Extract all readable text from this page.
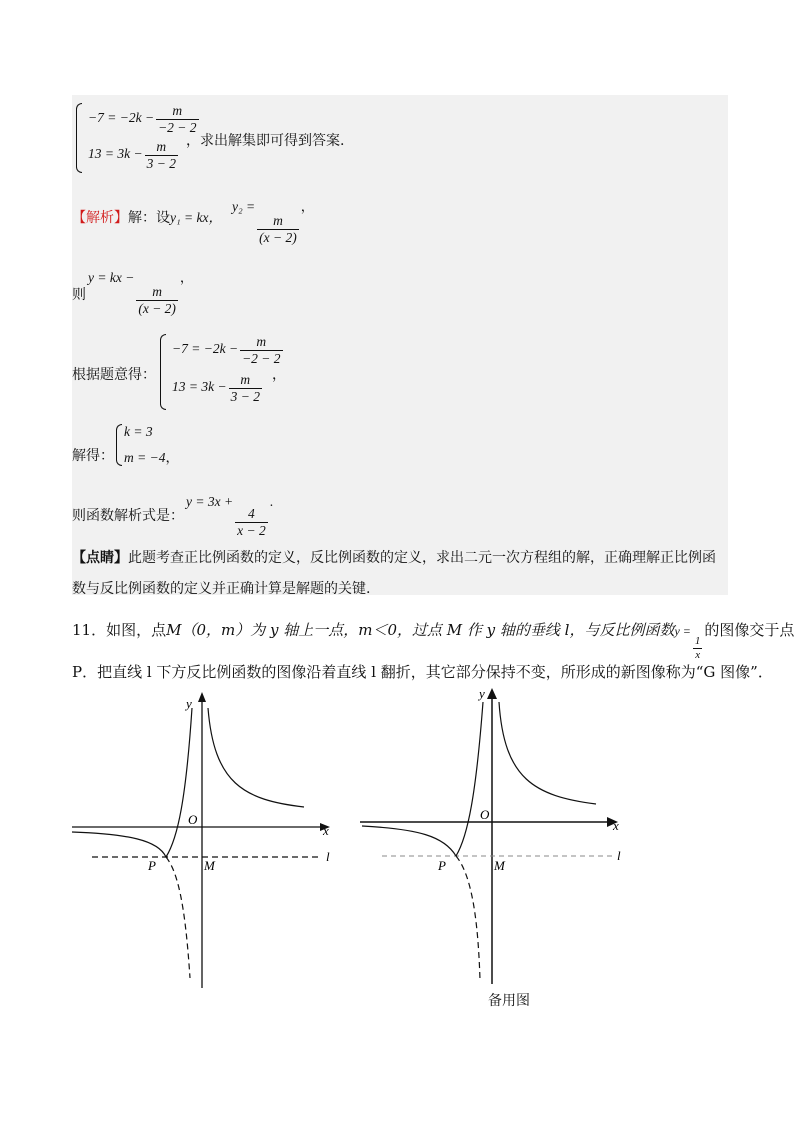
$-7 = -2k - \frac{m}{-2 - 2}$
$13 = 3k - \frac{m}{3 - 2}$ ，求出解集即可得到答案.
【解析】解：设y₁ = kx，
y₂ =
$\frac{m}{(x - 2)}$
，
则
y = kx −
$\frac{m}{(x - 2)}$
，
根据题意得：
$-7 = -2k - \frac{m}{-2 - 2}$
$13 = 3k - \frac{m}{3 - 2}$ ，
解得：
k = 3
m = −4，
则函数解析式是：
y = 3x +
$\frac{4}{x - 2}$
.
【点睛】此题考查正比例函数的定义，反比例函数的定义，求出二元一次方程组的解，正确理解正比例函
数与反比例函数的定义并正确计算是解题的关键.
11．如图，点M（0，m）为 y 轴上一点，m＜0，过点 M 作 y 轴的垂线 l，与反比例函数y =
$\frac{1}{x}$
的图像交于点
P．把直线 l 下方反比例函数的图像沿着直线 l 翻折，其它部分保持不变，所形成的新图像称为“G 图像”．
y
x
O
P	M
l
y
x
O
P	M
l
备用图
